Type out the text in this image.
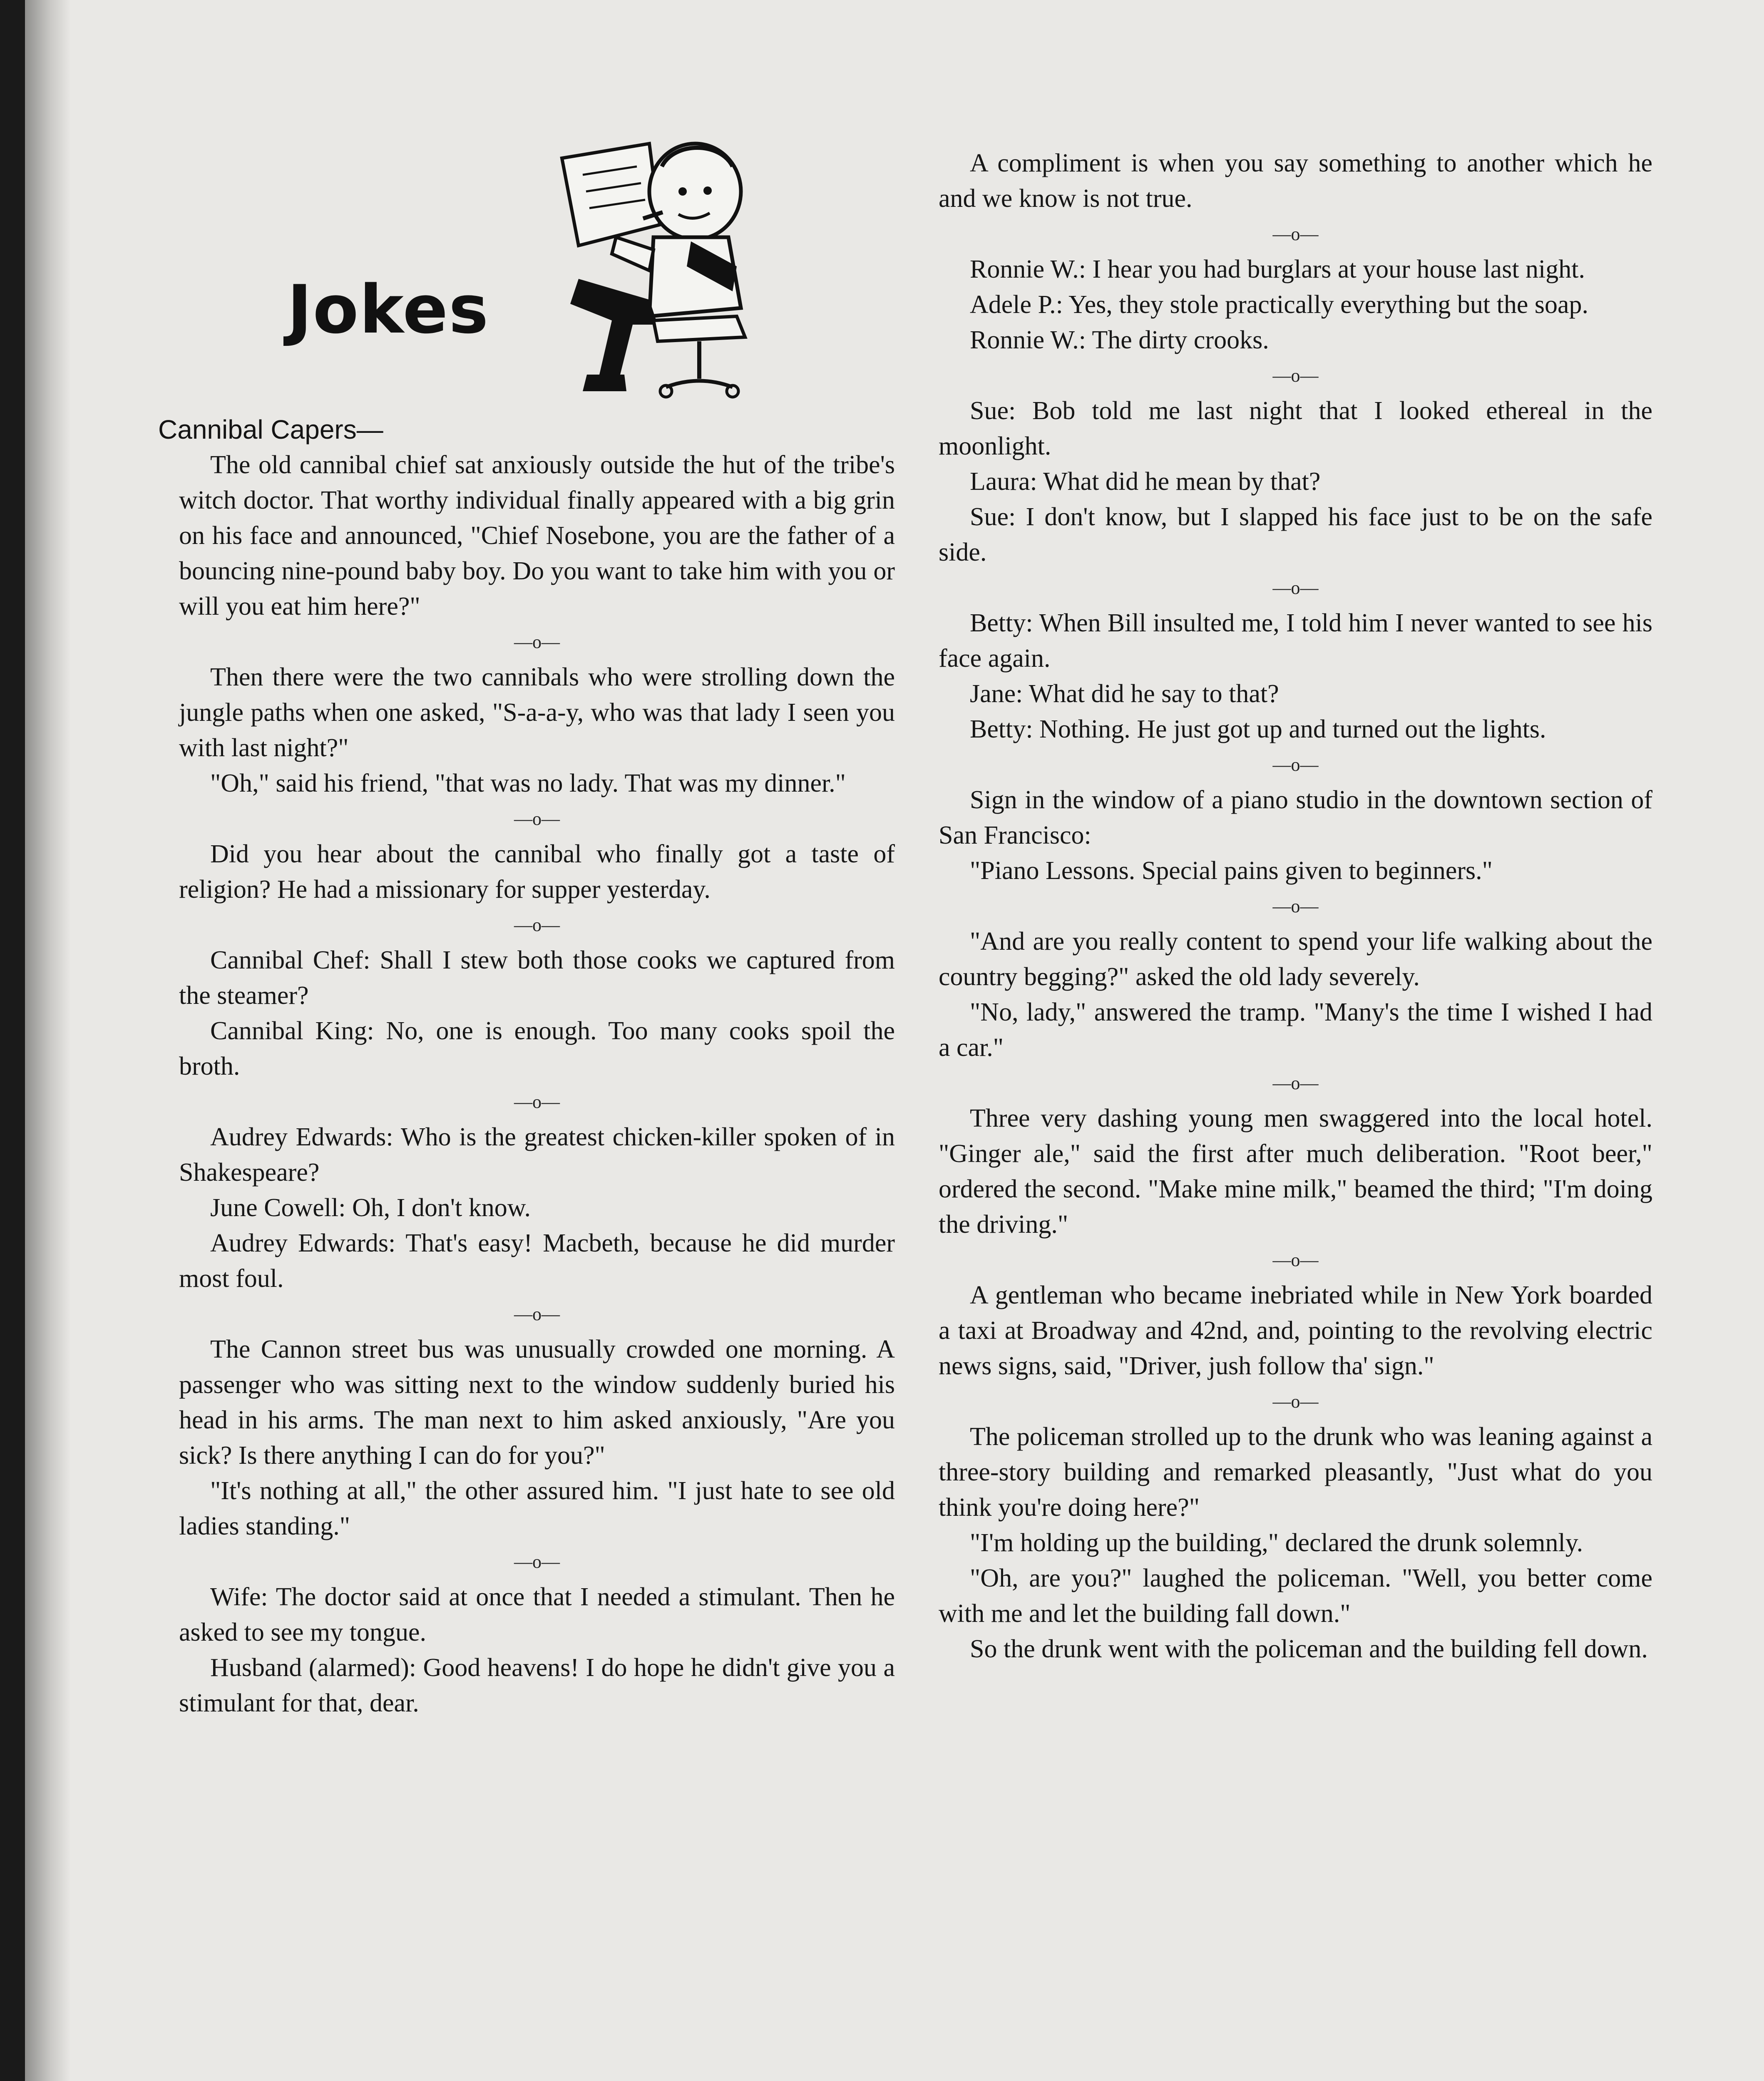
Jokes
Cannibal Capers—

The old cannibal chief sat anxiously outside the hut of the tribe's witch doctor. That worthy individual finally appeared with a big grin on his face and announced, "Chief Nosebone, you are the father of a bouncing nine-pound baby boy. Do you want to take him with you or will you eat him here?"

—o—

Then there were the two cannibals who were strolling down the jungle paths when one asked, "S-a-a-y, who was that lady I seen you with last night?"

"Oh," said his friend, "that was no lady. That was my dinner."

—o—

Did you hear about the cannibal who finally got a taste of religion? He had a missionary for supper yesterday.

—o—

Cannibal Chef: Shall I stew both those cooks we captured from the steamer?

Cannibal King: No, one is enough. Too many cooks spoil the broth.

—o—

Audrey Edwards: Who is the greatest chicken-killer spoken of in Shakespeare?

June Cowell: Oh, I don't know.

Audrey Edwards: That's easy! Macbeth, because he did murder most foul.

—o—

The Cannon street bus was unusually crowded one morning. A passenger who was sitting next to the window suddenly buried his head in his arms. The man next to him asked anxiously, "Are you sick? Is there anything I can do for you?"

"It's nothing at all," the other assured him. "I just hate to see old ladies standing."

—o—

Wife: The doctor said at once that I needed a stimulant. Then he asked to see my tongue.

Husband (alarmed): Good heavens! I do hope he didn't give you a stimulant for that, dear.

A compliment is when you say something to another which he and we know is not true.

—o—

Ronnie W.: I hear you had burglars at your house last night.

Adele P.: Yes, they stole practically everything but the soap.

Ronnie W.: The dirty crooks.

—o—

Sue: Bob told me last night that I looked ethereal in the moonlight.

Laura: What did he mean by that?

Sue: I don't know, but I slapped his face just to be on the safe side.

—o—

Betty: When Bill insulted me, I told him I never wanted to see his face again.

Jane: What did he say to that?

Betty: Nothing. He just got up and turned out the lights.

—o—

Sign in the window of a piano studio in the downtown section of San Francisco:

"Piano Lessons. Special pains given to beginners."

—o—

"And are you really content to spend your life walking about the country begging?" asked the old lady severely.

"No, lady," answered the tramp. "Many's the time I wished I had a car."

—o—

Three very dashing young men swaggered into the local hotel. "Ginger ale," said the first after much deliberation. "Root beer," ordered the second. "Make mine milk," beamed the third; "I'm doing the driving."

—o—

A gentleman who became inebriated while in New York boarded a taxi at Broadway and 42nd, and, pointing to the revolving electric news signs, said, "Driver, jush follow tha' sign."

—o—

The policeman strolled up to the drunk who was leaning against a three-story building and remarked pleasantly, "Just what do you think you're doing here?"

"I'm holding up the building," declared the drunk solemnly.

"Oh, are you?" laughed the policeman. "Well, you better come with me and let the building fall down."

So the drunk went with the policeman and the building fell down.
